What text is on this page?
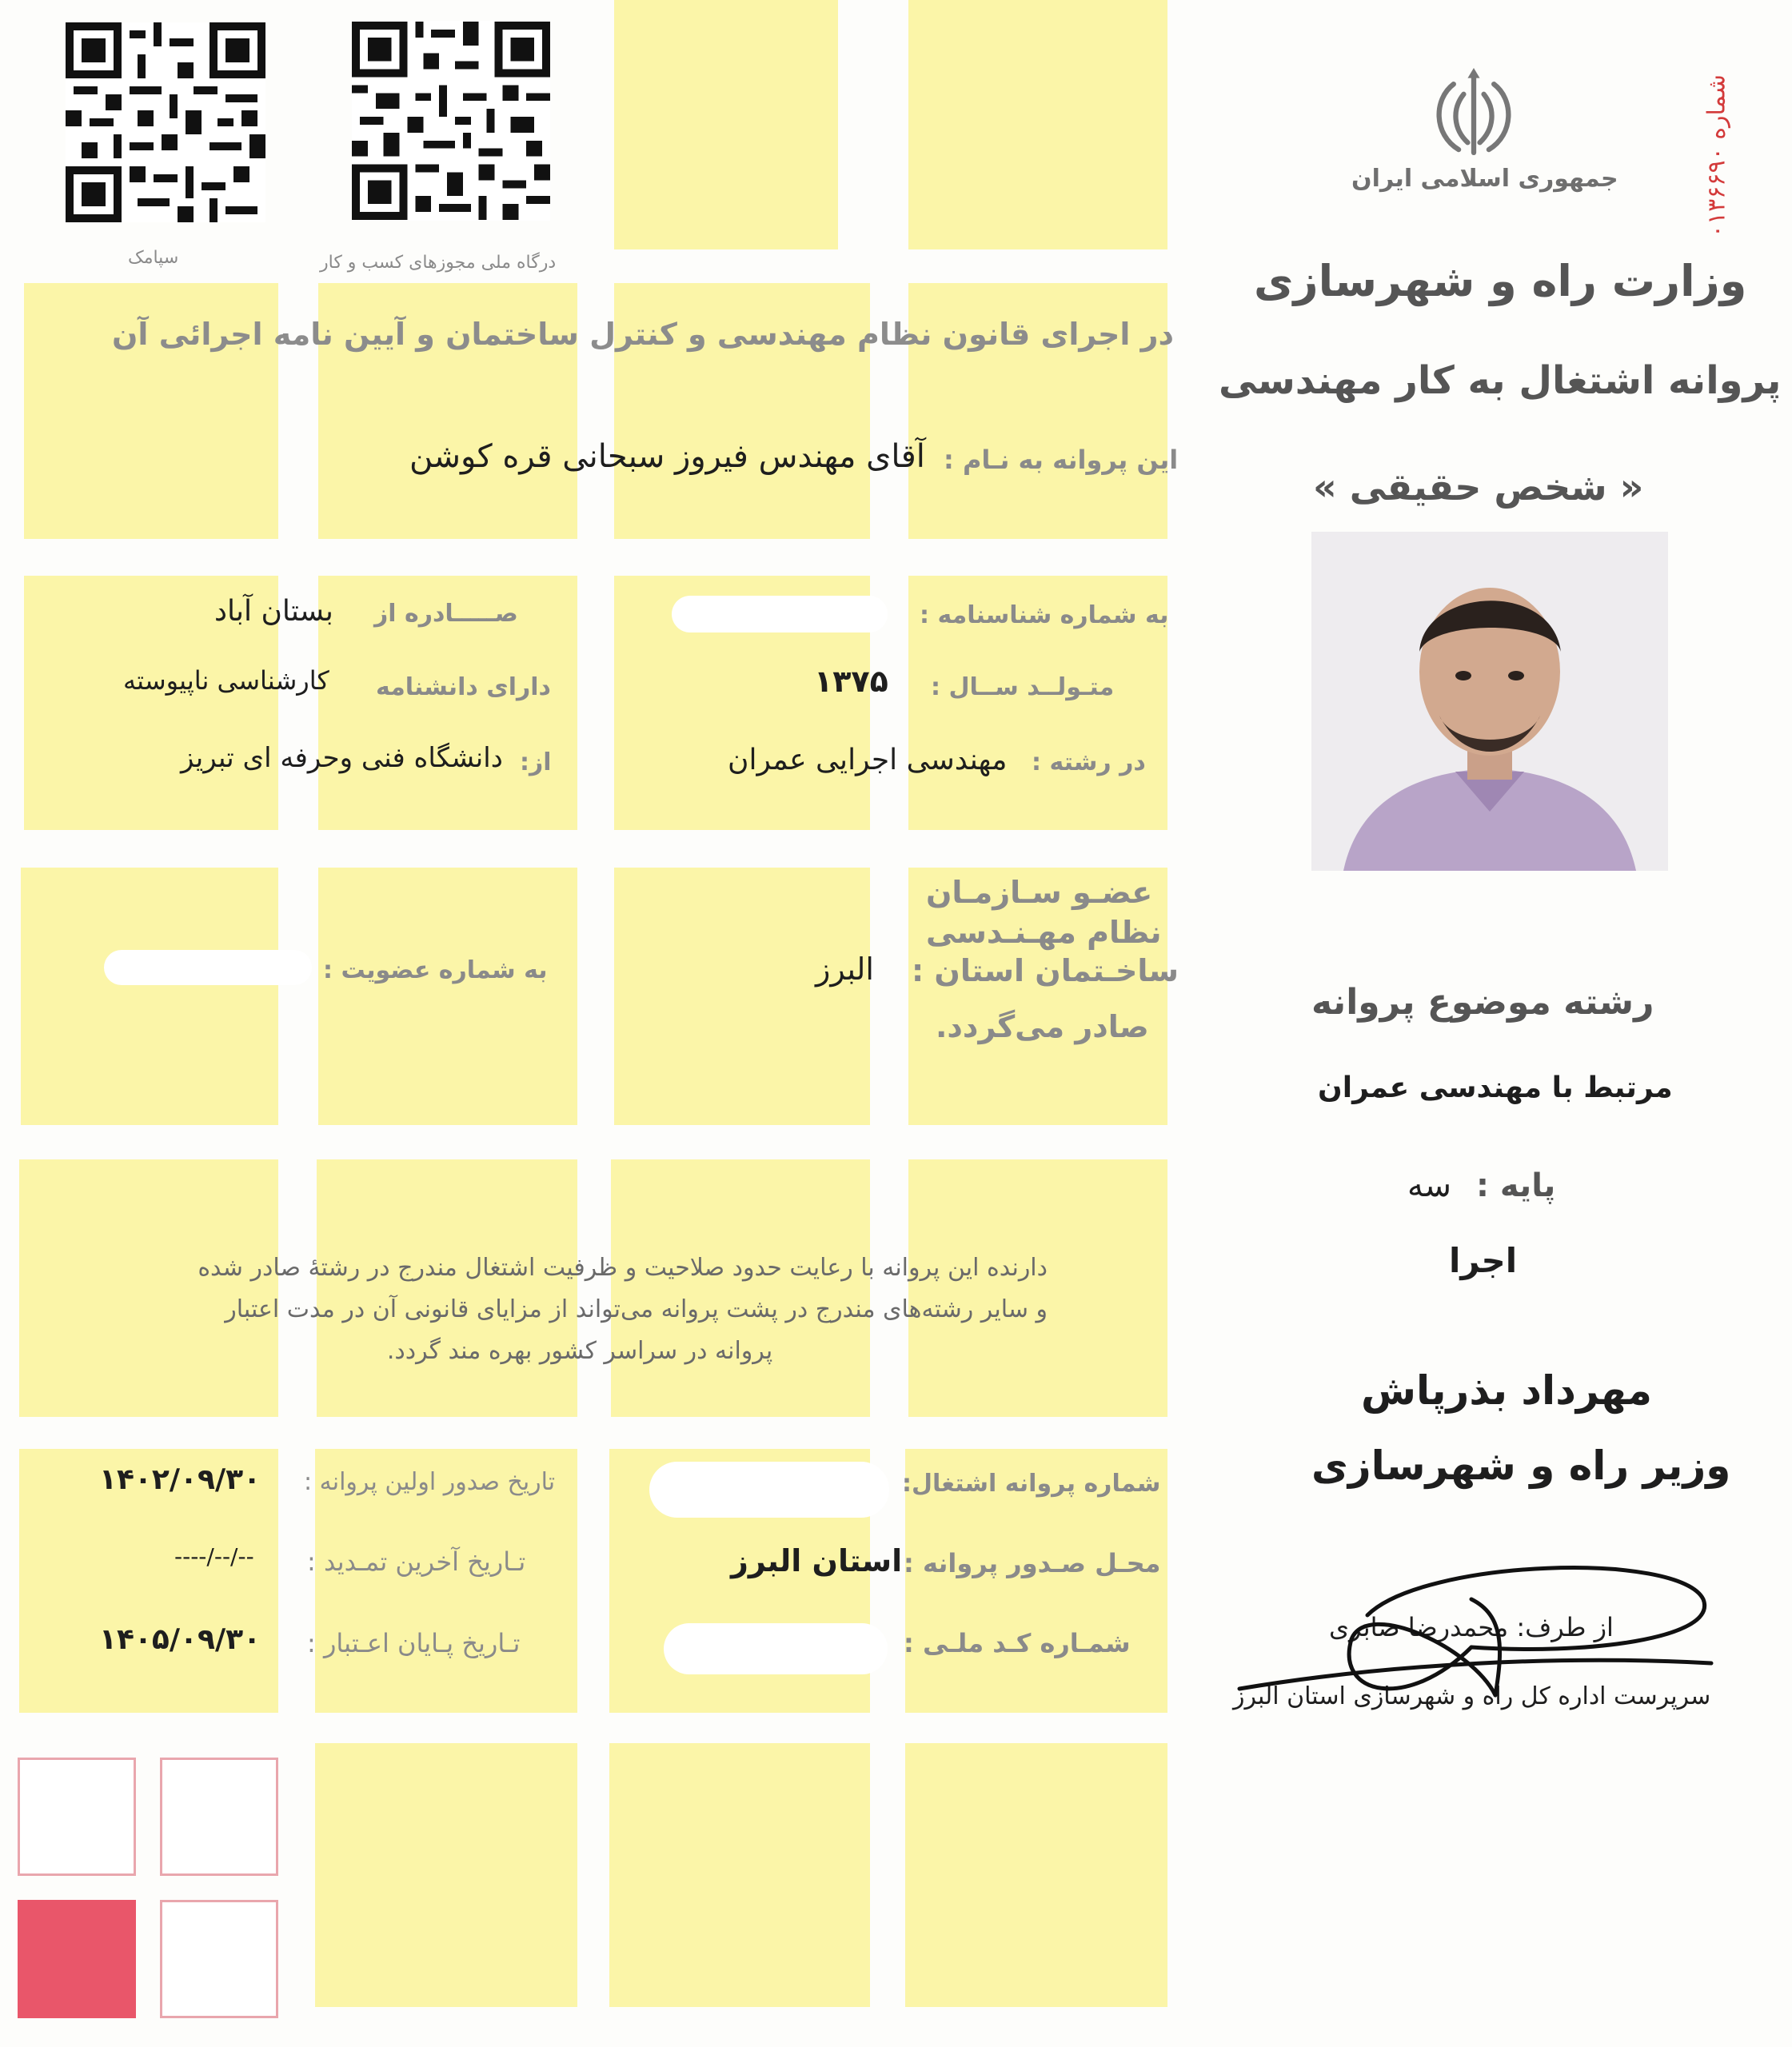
سپامک	درگاه ملی مجوزهای کسب و کار
جمهوری اسلامی ایران	شماره ۰۱۳۶۶۹۰
وزارت راه و شهرسازی
پروانه اشتغال به کار مهندسی
« شخص حقیقی »
در اجرای قانون نظام مهندسی و کنترل ساختمان و آیین نامه اجرائی آن
این پروانه به نـام :
آقای مهندس فیروز سبحانی قره کوشن
به شماره شناسنامه :
صـــــادره از
بستان آباد
متـولــد ســال :
۱۳۷۵
دارای دانشنامه
کارشناسی ناپیوسته
در رشته :
مهندسی اجرایی عمران
از:
دانشگاه فنی وحرفه ای تبریز
عضـو سـازمـان
نظام مهـنـدسی
ساخـتمان استان :
البرز
صادر می‌گردد.
به شماره عضویت :
دارنده این پروانه با رعایت حدود صلاحیت و ظرفیت اشتغال مندرج در رشتهٔ صادر شده
و سایر رشته‌های مندرج در پشت پروانه می‌تواند از مزایای قانونی آن در مدت اعتبار
پروانه در سراسر کشور بهره مند گردد.
شماره پروانه اشتغال:
محـل صـدور پروانه :
استان البرز
شمـاره کـد ملـی :
تاریخ صدور اولین پروانه :
۱۴۰۲/۰۹/۳۰
تـاریخ آخرین تمـدید :
----/--/--
تـاریخ پـایان اعـتبار :
۱۴۰۵/۰۹/۳۰
رشته موضوع پروانه
مرتبط با مهندسی عمران
پایه :
سه
اجرا
مهرداد بذرپاش
وزیر راه و شهرسازی
از طرف: محمدرضا صابری
سرپرست اداره کل راه و شهرسازی استان البرز
